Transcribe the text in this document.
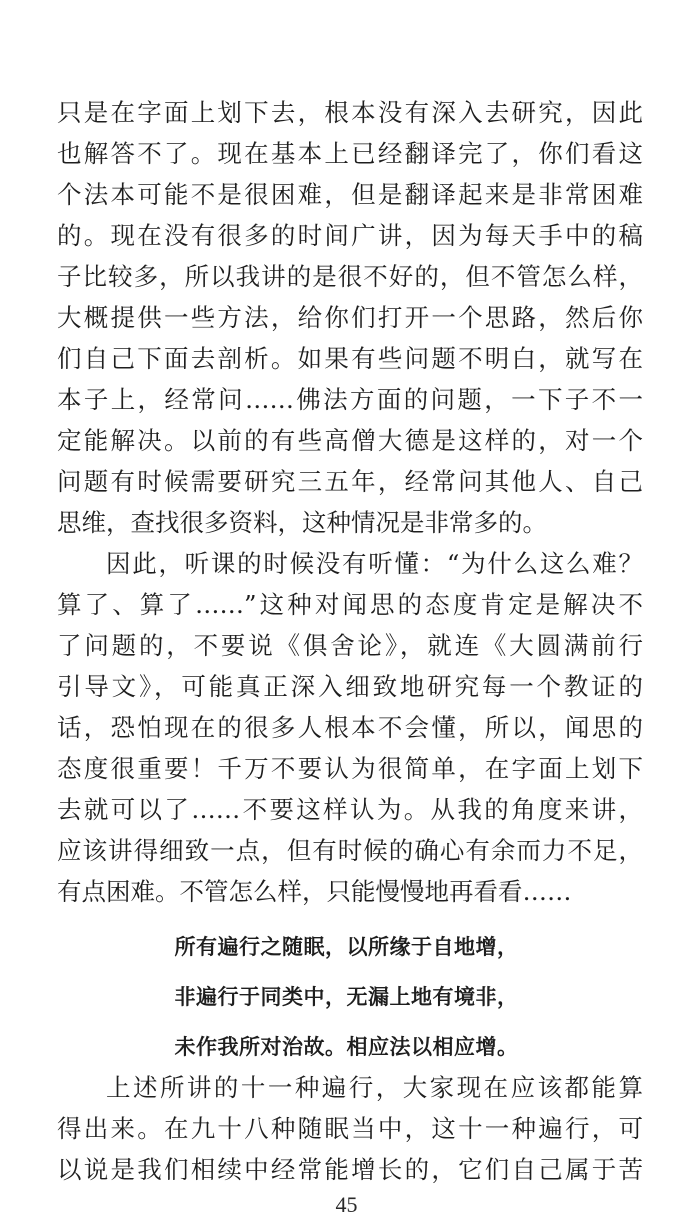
只是在字面上划下去，根本没有深入去研究，因此
也解答不了。现在基本上已经翻译完了，你们看这
个法本可能不是很困难，但是翻译起来是非常困难
的。现在没有很多的时间广讲，因为每天手中的稿
子比较多，所以我讲的是很不好的，但不管怎么样，
大概提供一些方法，给你们打开一个思路，然后你
们自己下面去剖析。如果有些问题不明白，就写在
本子上，经常问……佛法方面的问题，一下子不一
定能解决。以前的有些高僧大德是这样的，对一个
问题有时候需要研究三五年，经常问其他人、自己
思维，查找很多资料，这种情况是非常多的。
因此，听课的时候没有听懂：“为什么这么难？
算了、算了……”这种对闻思的态度肯定是解决不
了问题的，不要说《俱舍论》，就连《大圆满前行
引导文》，可能真正深入细致地研究每一个教证的
话，恐怕现在的很多人根本不会懂，所以，闻思的
态度很重要！千万不要认为很简单，在字面上划下
去就可以了……不要这样认为。从我的角度来讲，
应该讲得细致一点，但有时候的确心有余而力不足，
有点困难。不管怎么样，只能慢慢地再看看……
所有遍行之随眠，以所缘于自地增，
非遍行于同类中，无漏上地有境非，
未作我所对治故。相应法以相应增。
上述所讲的十一种遍行，大家现在应该都能算
得出来。在九十八种随眠当中，这十一种遍行，可
以说是我们相续中经常能增长的，它们自己属于苦
45
